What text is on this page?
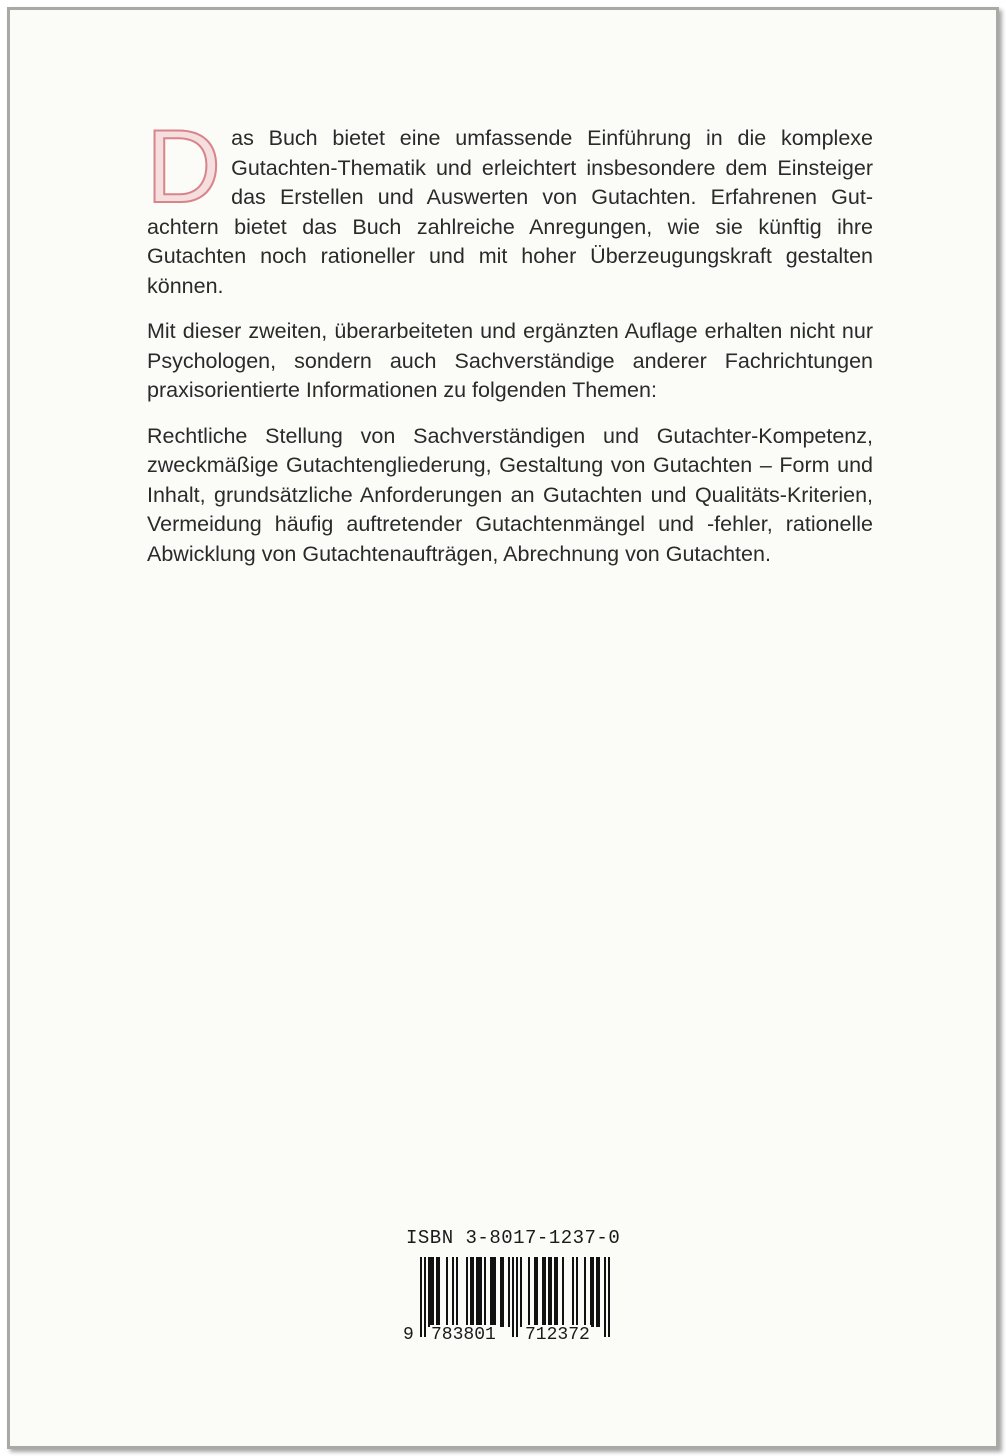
Das Buch bietet eine umfassende Einführung in die komplexe Gutachten-Thematik und erleichtert insbesondere dem Einsteiger das Erstellen und Auswerten von Gutachten. Erfahrenen Gutachtern bietet das Buch zahlreiche Anregungen, wie sie künftig ihre Gutachten noch rationeller und mit hoher Überzeugungskraft gestalten können.

Mit dieser zweiten, überarbeiteten und ergänzten Auflage erhalten nicht nur Psychologen, sondern auch Sachverständige anderer Fachrichtungen praxisorientierte Informationen zu folgenden Themen:

Rechtliche Stellung von Sachverständigen und Gutachter-Kompetenz, zweckmäßige Gutachtengliederung, Gestaltung von Gutachten – Form und Inhalt, grundsätzliche Anforderungen an Gutachten und Qualitäts-Kriterien, Vermeidung häufig auftretender Gutachtenmängel und -fehler, rationelle Abwicklung von Gutachtenaufträgen, Abrechnung von Gutachten.

ISBN 3-8017-1237-0
9 783801 712372
